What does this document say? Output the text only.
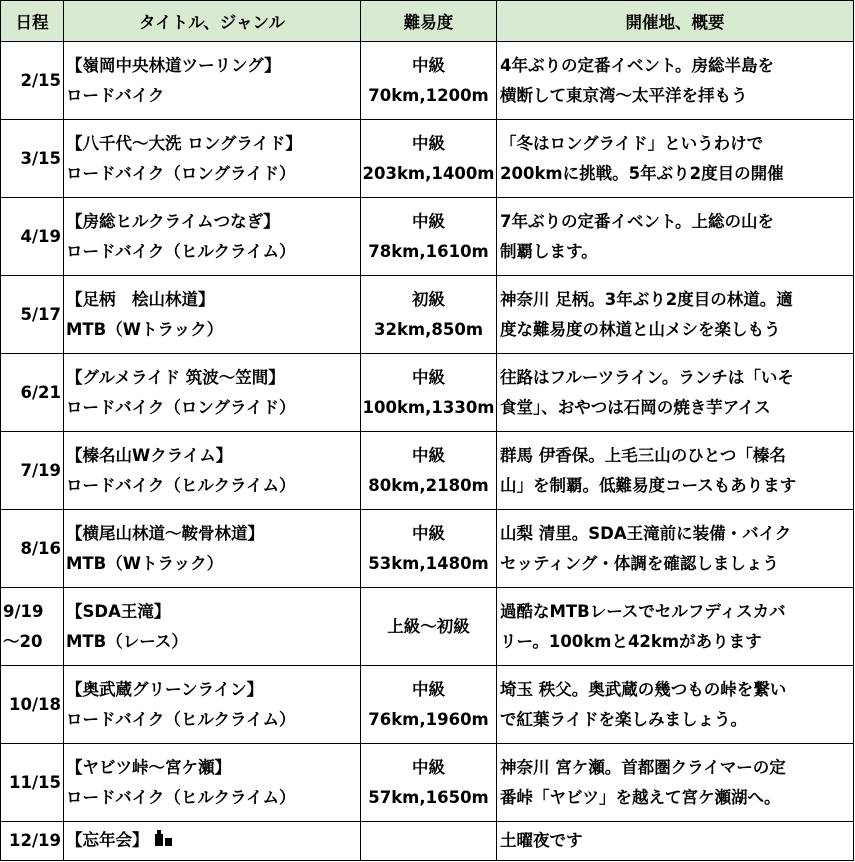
日程	タイトル、ジャンル	難易度	開催地、概要
2/15	【嶺岡中央林道ツーリング】
ロードバイク	中級
70km,1200m	4年ぶりの定番イベント。房総半島を
横断して東京湾～太平洋を拝もう

3/15	【八千代～大洗 ロングライド】
ロードバイク（ロングライド）	中級
203km,1400m	「冬はロングライド」というわけで
200kmに挑戦。5年ぶり2度目の開催

4/19	【房総ヒルクライムつなぎ】
ロードバイク（ヒルクライム）	中級
78km,1610m	7年ぶりの定番イベント。上総の山を
制覇します。

5/17	【足柄　桧山林道】
MTB（Wトラック）	初級
32km,850m	神奈川 足柄。3年ぶり2度目の林道。適
度な難易度の林道と山メシを楽しもう

6/21	【グルメライド 筑波～笠間】
ロードバイク（ロングライド）	中級
100km,1330m	往路はフルーツライン。ランチは「いそ
食堂」、おやつは石岡の焼き芋アイス

7/19	【榛名山Wクライム】
ロードバイク（ヒルクライム）	中級
80km,2180m	群馬 伊香保。上毛三山のひとつ「榛名
山」を制覇。低難易度コースもあります

8/16	【横尾山林道～鞍骨林道】
MTB（Wトラック）	中級
53km,1480m	山梨 清里。SDA王滝前に装備・バイク
セッティング・体調を確認しましょう

9/19
～20	【SDA王滝】
MTB（レース）	上級～初級	過酷なMTBレースでセルフディスカバ
リー。100kmと42kmがあります

10/18	【奥武蔵グリーンライン】
ロードバイク（ヒルクライム）	中級
76km,1960m	埼玉 秩父。奥武蔵の幾つもの峠を繋い
で紅葉ライドを楽しみましょう。

11/15	【ヤビツ峠～宮ケ瀬】
ロードバイク（ヒルクライム）	中級
57km,1650m	神奈川 宮ケ瀬。首都圏クライマーの定
番峠「ヤビツ」を越えて宮ケ瀬湖へ。

12/19	【忘年会】		土曜夜です
